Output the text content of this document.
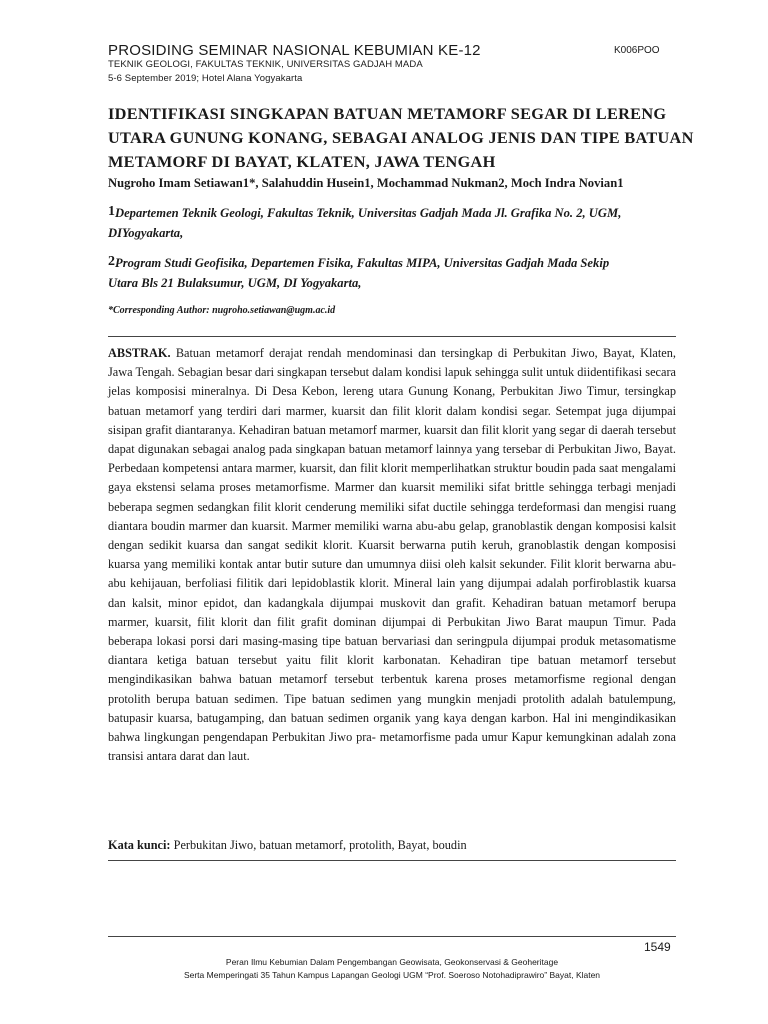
PROSIDING SEMINAR NASIONAL KEBUMIAN KE-12	K006POO
TEKNIK GEOLOGI, FAKULTAS TEKNIK, UNIVERSITAS GADJAH MADA
5-6 September 2019; Hotel Alana Yogyakarta
IDENTIFIKASI SINGKAPAN BATUAN METAMORF SEGAR DI LERENG
UTARA GUNUNG KONANG, SEBAGAI ANALOG JENIS DAN TIPE BATUAN
METAMORF DI BAYAT, KLATEN, JAWA TENGAH
Nugroho Imam Setiawan1*, Salahuddin Husein1, Mochammad Nukman2, Moch Indra Novian1
$^1$Departemen Teknik Geologi, Fakultas Teknik, Universitas Gadjah Mada Jl. Grafika No. 2, UGM,
DIYogyakarta,
$^2$Program Studi Geofisika, Departemen Fisika, Fakultas MIPA, Universitas Gadjah Mada Sekip
Utara Bls 21 Bulaksumur, UGM, DI Yogyakarta,
*Corresponding Author: nugroho.setiawan@ugm.ac.id
ABSTRAK. Batuan metamorf derajat rendah mendominasi dan tersingkap di Perbukitan Jiwo, Bayat, Klaten, Jawa Tengah. Sebagian besar dari singkapan tersebut dalam kondisi lapuk sehingga sulit untuk diidentifikasi secara jelas komposisi mineralnya. Di Desa Kebon, lereng utara Gunung Konang, Perbukitan Jiwo Timur, tersingkap batuan metamorf yang terdiri dari marmer, kuarsit dan filit klorit dalam kondisi segar. Setempat juga dijumpai sisipan grafit diantaranya. Kehadiran batuan metamorf marmer, kuarsit dan filit klorit yang segar di daerah tersebut dapat digunakan sebagai analog pada singkapan batuan metamorf lainnya yang tersebar di Perbukitan Jiwo, Bayat. Perbedaan kompetensi antara marmer, kuarsit, dan filit klorit memperlihatkan struktur boudin pada saat mengalami gaya ekstensi selama proses metamorfisme. Marmer dan kuarsit memiliki sifat brittle sehingga terbagi menjadi beberapa segmen sedangkan filit klorit cenderung memiliki sifat ductile sehingga terdeformasi dan mengisi ruang diantara boudin marmer dan kuarsit. Marmer memiliki warna abu-abu gelap, granoblastik dengan komposisi kalsit dengan sedikit kuarsa dan sangat sedikit klorit. Kuarsit berwarna putih keruh, granoblastik dengan komposisi kuarsa yang memiliki kontak antar butir suture dan umumnya diisi oleh kalsit sekunder. Filit klorit berwarna abu-abu kehijauan, berfoliasi filitik dari lepidoblastik klorit. Mineral lain yang dijumpai adalah porfiroblastik kuarsa dan kalsit, minor epidot, dan kadangkala dijumpai muskovit dan grafit. Kehadiran batuan metamorf berupa marmer, kuarsit, filit klorit dan filit grafit dominan dijumpai di Perbukitan Jiwo Barat maupun Timur. Pada beberapa lokasi porsi dari masing-masing tipe batuan bervariasi dan seringpula dijumpai produk metasomatisme diantara ketiga batuan tersebut yaitu filit klorit karbonatan. Kehadiran tipe batuan metamorf tersebut mengindikasikan bahwa batuan metamorf tersebut terbentuk karena proses metamorfisme regional dengan protolith berupa batuan sedimen. Tipe batuan sedimen yang mungkin menjadi protolith adalah batulempung, batupasir kuarsa, batugamping, dan batuan sedimen organik yang kaya dengan karbon. Hal ini mengindikasikan bahwa lingkungan pengendapan Perbukitan Jiwo pra- metamorfisme pada umur Kapur kemungkinan adalah zona transisi antara darat dan laut.
Kata kunci: Perbukitan Jiwo, batuan metamorf, protolith, Bayat, boudin
1549
Peran Ilmu Kebumian Dalam Pengembangan Geowisata, Geokonservasi & Geoheritage
Serta Memperingati 35 Tahun Kampus Lapangan Geologi UGM “Prof. Soeroso Notohadiprawiro” Bayat, Klaten
